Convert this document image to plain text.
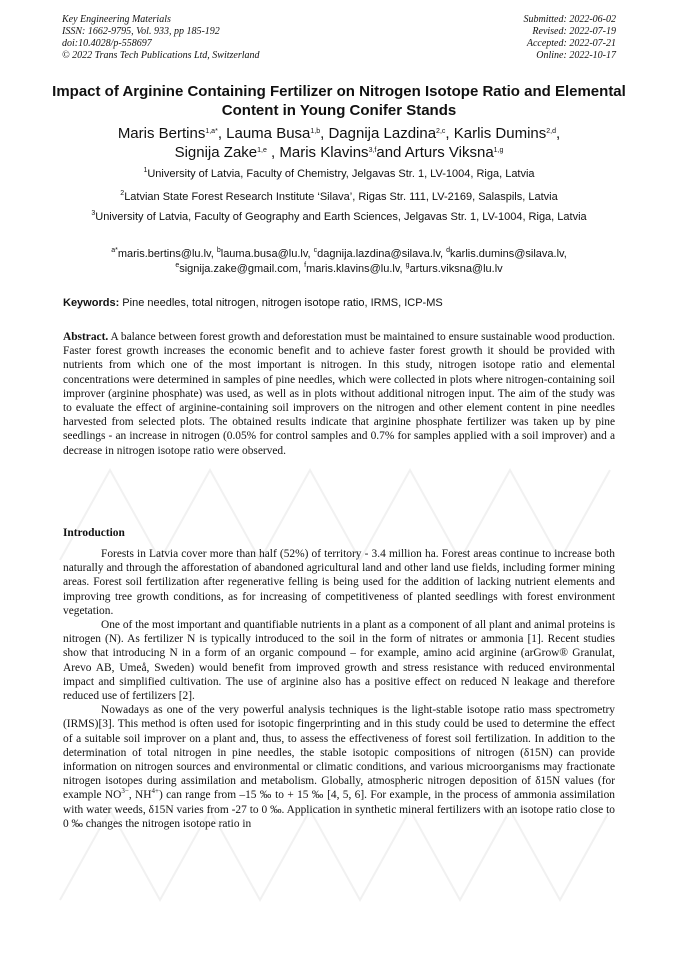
Key Engineering Materials
ISSN: 1662-9795, Vol. 933, pp 185-192
doi:10.4028/p-558697
© 2022 Trans Tech Publications Ltd, Switzerland
Submitted: 2022-06-02
Revised: 2022-07-19
Accepted: 2022-07-21
Online: 2022-10-17
Impact of Arginine Containing Fertilizer on Nitrogen Isotope Ratio and Elemental Content in Young Conifer Stands
Maris Bertins$^{1,a*}$, Lauma Busa$^{1,b}$, Dagnija Lazdina$^{2,c}$, Karlis Dumins$^{2,d}$,
Signija Zake$^{1,e}$ , Maris Klavins$^{3,f}$and Arturs Viksna$^{1,g}$
$^1$University of Latvia, Faculty of Chemistry, Jelgavas Str. 1, LV-1004, Riga, Latvia
$^2$Latvian State Forest Research Institute ‘Silava’, Rigas Str. 111, LV-2169, Salaspils, Latvia
$^3$University of Latvia, Faculty of Geography and Earth Sciences, Jelgavas Str. 1, LV-1004, Riga, Latvia
$^{a*}$maris.bertins@lu.lv, $^b$lauma.busa@lu.lv, $^c$dagnija.lazdina@silava.lv, $^d$karlis.dumins@silava.lv,
$^e$signija.zake@gmail.com, $^f$maris.klavins@lu.lv, $^g$arturs.viksna@lu.lv
Keywords: Pine needles, total nitrogen, nitrogen isotope ratio, IRMS, ICP-MS
Abstract. A balance between forest growth and deforestation must be maintained to ensure sustainable wood production. Faster forest growth increases the economic benefit and to achieve faster forest growth it should be provided with nutrients from which one of the most important is nitrogen. In this study, nitrogen isotope ratio and elemental concentrations were determined in samples of pine needles, which were collected in plots where nitrogen-containing soil improver (arginine phosphate) was used, as well as in plots without additional nitrogen input. The aim of the study was to evaluate the effect of arginine-containing soil improvers on the nitrogen and other element content in pine needles harvested from selected plots. The obtained results indicate that arginine phosphate fertilizer was taken up by pine seedlings - an increase in nitrogen (0.05% for control samples and 0.7% for samples applied with a soil improver) and a decrease in nitrogen isotope ratio were observed.
Introduction

Forests in Latvia cover more than half (52%) of territory - 3.4 million ha. Forest areas continue to increase both naturally and through the afforestation of abandoned agricultural land and other land use fields, including former mining areas. Forest soil fertilization after regenerative felling is being used for the addition of lacking nutrient elements and improving tree growth conditions, as for increasing of competitiveness of planted seedlings with forest environment vegetation.

One of the most important and quantifiable nutrients in a plant as a component of all plant and animal proteins is nitrogen (N). As fertilizer N is typically introduced to the soil in the form of nitrates or ammonia [1]. Recent studies show that introducing N in a form of an organic compound – for example, amino acid arginine (arGrow® Granulat, Arevo AB, Umeå, Sweden) would benefit from improved growth and stress resistance with reduced environmental impact and simplified cultivation. The use of arginine also has a positive effect on reduced N leakage and therefore reduced use of fertilizers [2].

Nowadays as one of the very powerful analysis techniques is the light-stable isotope ratio mass spectrometry (IRMS)[3]. This method is often used for isotopic fingerprinting and in this study could be used to determine the effect of a suitable soil improver on a plant and, thus, to assess the effectiveness of forest soil fertilization. In addition to the determination of total nitrogen in pine needles, the stable isotopic compositions of nitrogen (δ15N) can provide information on nitrogen sources and environmental or climatic conditions, and various microorganisms may fractionate nitrogen isotopes during assimilation and metabolism. Globally, atmospheric nitrogen deposition of δ15N values (for example $NO^{3-}$, $NH^{4+}$) can range from –15 ‰ to + 15 ‰ [4, 5, 6]. For example, in the process of ammonia assimilation with water weeds, δ15N varies from -27 to 0 ‰. Application in synthetic mineral fertilizers with an isotope ratio close to 0 ‰ changes the nitrogen isotope ratio in
